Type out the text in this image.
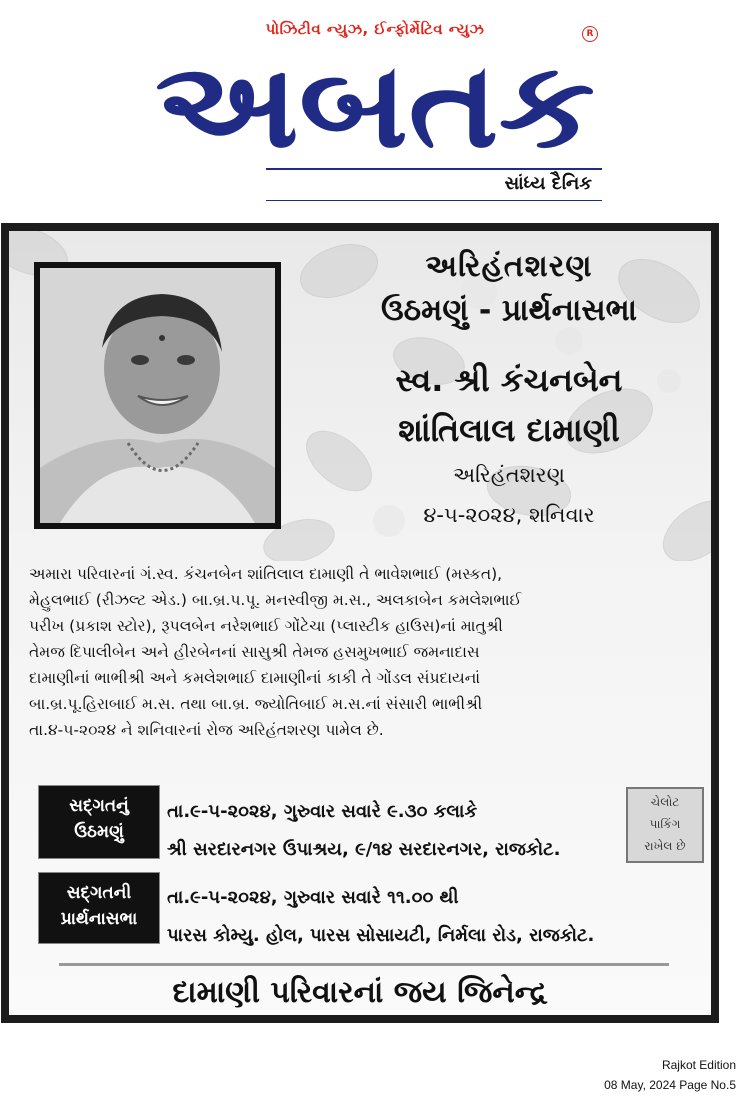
પોઝિટીવ ન્યુઝ, ઈન્ફોર્મેટિવ ન્યુઝ	R
અબતક
સાંધ્ય દૈનિક
અરિહંતશરણ
ઉઠમણું - પ્રાર્થનાસભા
સ્વ. શ્રી કંચનબેન
શાંતિલાલ દામાણી
અરિહંતશરણ
૪-૫-૨૦૨૪, શનિવાર
અમારા પરિવારનાં ગં.સ્વ. કંચનબેન શાંતિલાલ દામાણી તે ભાવેશભાઈ (મસ્કત),
મેહુલભાઈ (રીઝલ્ટ એડ.) બા.બ્ર.પ.પૂ. મનસ્વીજી મ.સ., અલકાબેન કમલેશભાઈ
પરીખ (પ્રકાશ સ્ટોર), રૂપલબેન નરેશભાઈ ગોંટેચા (પ્લાસ્ટીક હાઉસ)નાં માતુશ્રી
તેમજ દિપાલીબેન અને હીરબેનનાં સાસુશ્રી તેમજ હસમુખભાઈ જમનાદાસ
દામાણીનાં ભાભીશ્રી અને કમલેશભાઈ દામાણીનાં કાકી તે ગોંડલ સંપ્રદાયનાં
બા.બ્ર.પૂ.હિરાબાઈ મ.સ. તથા બા.બ્ર. જ્યોતિબાઈ મ.સ.નાં સંસારી ભાભીશ્રી
તા.૪-૫-૨૦૨૪ ને શનિવારનાં રોજ અરિહંતશરણ પામેલ છે.
સદ્ગતનું
ઉઠમણું
તા.૯-૫-૨૦૨૪, ગુરુવાર સવારે ૯.૩૦ કલાકે
શ્રી સરદારનગર ઉપાશ્રય, ૯/૧૪ સરદારનગર, રાજકોટ.
ચેલોટ
પાકિંગ
રાખેલ છે
સદ્ગતની
પ્રાર્થનાસભા
તા.૯-૫-૨૦૨૪, ગુરુવાર સવારે ૧૧.૦૦ થી
પારસ કોમ્યુ. હોલ, પારસ સોસાયટી, નિર્મલા રોડ, રાજકોટ.
દામાણી પરિવારનાં જય જિનેન્દ્ર
Rajkot Edition
08 May, 2024 Page No.5
